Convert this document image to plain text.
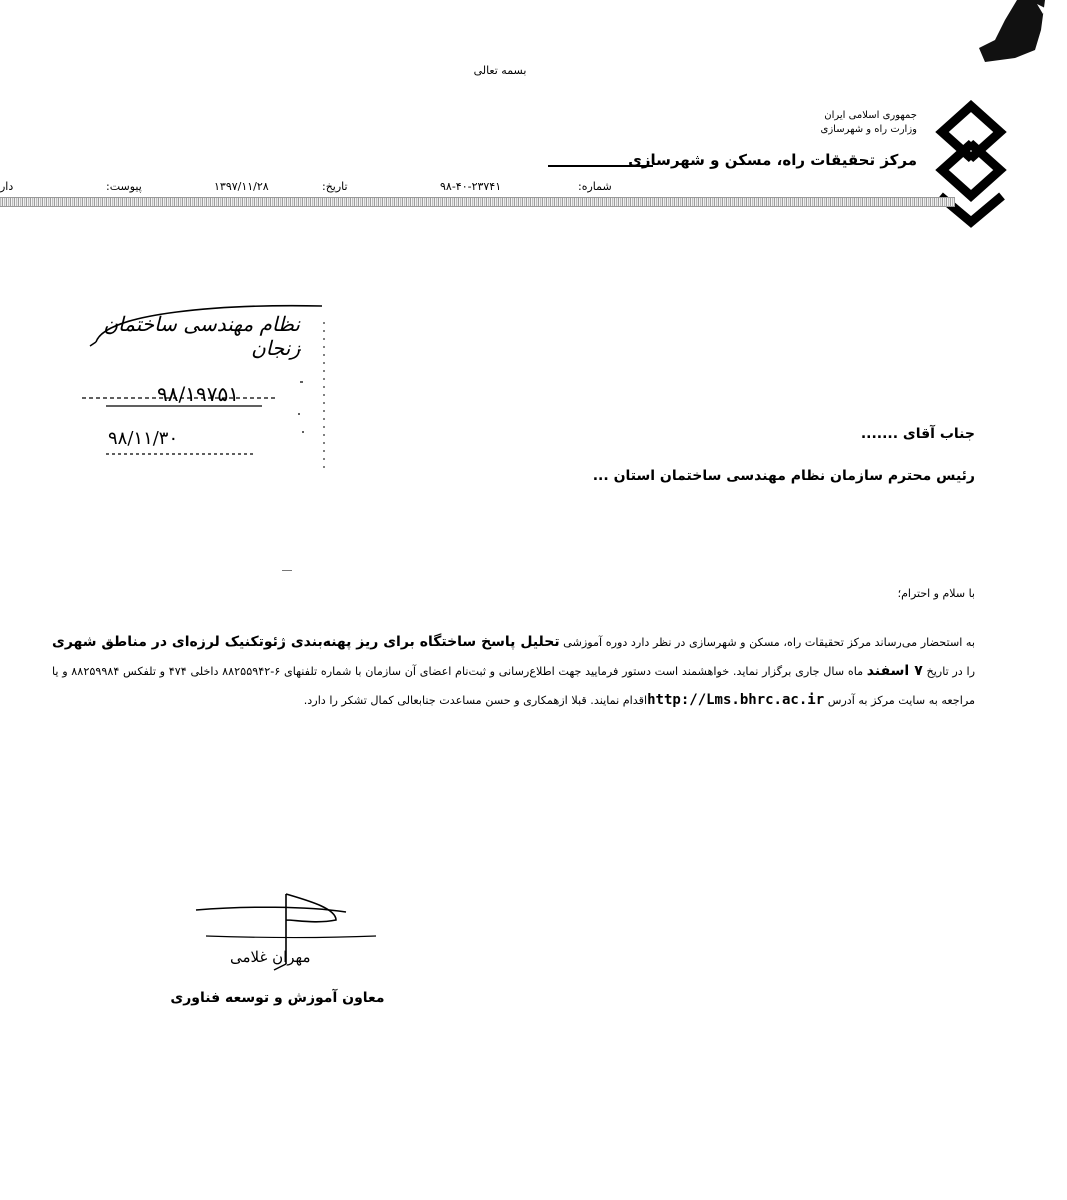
بسمه تعالی
جمهوری اسلامی ایران
وزارت راه و شهرسازی
مرکز تحقیقات راه، مسکن و شهرسازی
شماره:
۹۸-۴۰-۲۳۷۴۱
تاریخ:
۱۳۹۷/۱۱/۲۸
پیوست:
دار
نظام مهندسی ساختمان زنجان
۹۸/۱۹۷۵۱
۹۸/۱۱/۳۰	جناب آقای .......
رئیس محترم سازمان نظام مهندسی ساختمان استان ...
با سلام و احترام؛
به استحضار می‌رساند مرکز تحقیقات راه، مسکن و شهرسازی در نظر دارد دوره آموزشی تحلیل پاسخ ساختگاه برای ریز پهنه‌بندی ژئوتکنیک لرزه‌ای در مناطق شهری را در تاریخ ۷ اسفند ماه سال جاری برگزار نماید. خواهشمند است دستور فرمایید جهت اطلاع‌رسانی و ثبت‌نام اعضای آن سازمان با شماره تلفنهای ۶-۸۸۲۵۵۹۴۲ داخلی ۴۷۴ و تلفکس ۸۸۲۵۹۹۸۴ و یا مراجعه به سایت مرکز به آدرس http://Lms.bhrc.ac.irاقدام نمایند. قبلا ازهمکاری و حسن مساعدت جنابعالی کمال تشکر را دارد.
مهران غلامی
معاون آموزش و توسعه فناوری
